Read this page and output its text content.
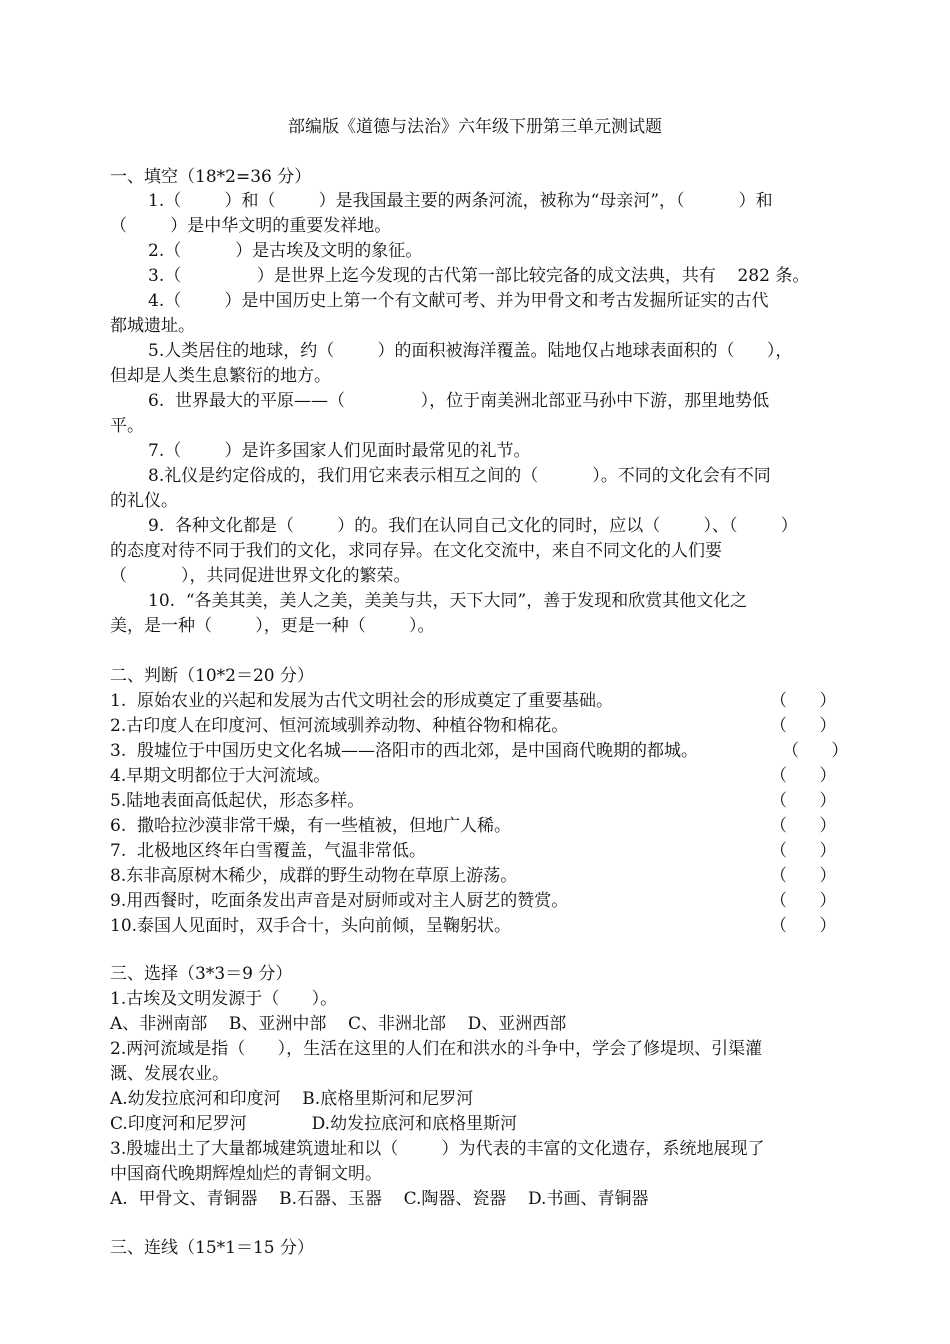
部编版《道德与法治》六年级下册第三单元测试题
一、填空（18*2=36 分）
1.（        ）和（        ）是我国最主要的两条河流，被称为“母亲河”，（          ）和
（        ）是中华文明的重要发祥地。
2.（          ）是古埃及文明的象征。
3.（              ）是世界上迄今发现的古代第一部比较完备的成文法典，共有    282 条。
4.（        ）是中国历史上第一个有文献可考、并为甲骨文和考古发掘所证实的古代
都城遗址。
5.人类居住的地球，约（        ）的面积被海洋覆盖。陆地仅占地球表面积的（      ），
但却是人类生息繁衍的地方。
6.  世界最大的平原——（              ），位于南美洲北部亚马孙中下游，那里地势低
平。
7.（        ）是许多国家人们见面时最常见的礼节。
8.礼仪是约定俗成的，我们用它来表示相互之间的（          ）。不同的文化会有不同
的礼仪。
9.  各种文化都是（        ）的。我们在认同自己文化的同时，应以（        ）、（        ）
的态度对待不同于我们的文化，求同存异。在文化交流中，来自不同文化的人们要
（          ），共同促进世界文化的繁荣。
10.  “各美其美，美人之美，美美与共，天下大同”，善于发现和欣赏其他文化之
美，是一种（        ），更是一种（        ）。
二、判断（10*2＝20 分）
1.  原始农业的兴起和发展为古代文明社会的形成奠定了重要基础。	（      ）
2.古印度人在印度河、恒河流域驯养动物、种植谷物和棉花。	（      ）
3.  殷墟位于中国历史文化名城——洛阳市的西北郊，是中国商代晚期的都城。	（      ）
4.早期文明都位于大河流域。	（      ）
5.陆地表面高低起伏，形态多样。	（      ）
6.  撒哈拉沙漠非常干燥，有一些植被，但地广人稀。	（      ）
7.  北极地区终年白雪覆盖，气温非常低。	（      ）
8.东非高原树木稀少，成群的野生动物在草原上游荡。	（      ）
9.用西餐时，吃面条发出声音是对厨师或对主人厨艺的赞赏。	（      ）
10.泰国人见面时，双手合十，头向前倾，呈鞠躬状。	（      ）
三、选择（3*3＝9 分）
1.古埃及文明发源于（      ）。
A、非洲南部    B、亚洲中部    C、非洲北部    D、亚洲西部
2.两河流域是指（      ），生活在这里的人们在和洪水的斗争中，学会了修堤坝、引渠灌
溉、发展农业。
A.幼发拉底河和印度河    B.底格里斯河和尼罗河
C.印度河和尼罗河            D.幼发拉底河和底格里斯河
3.殷墟出土了大量都城建筑遗址和以（        ）为代表的丰富的文化遗存，系统地展现了
中国商代晚期辉煌灿烂的青铜文明。
A.  甲骨文、青铜器    B.石器、玉器    C.陶器、瓷器    D.书画、青铜器
三、连线（15*1＝15 分）
